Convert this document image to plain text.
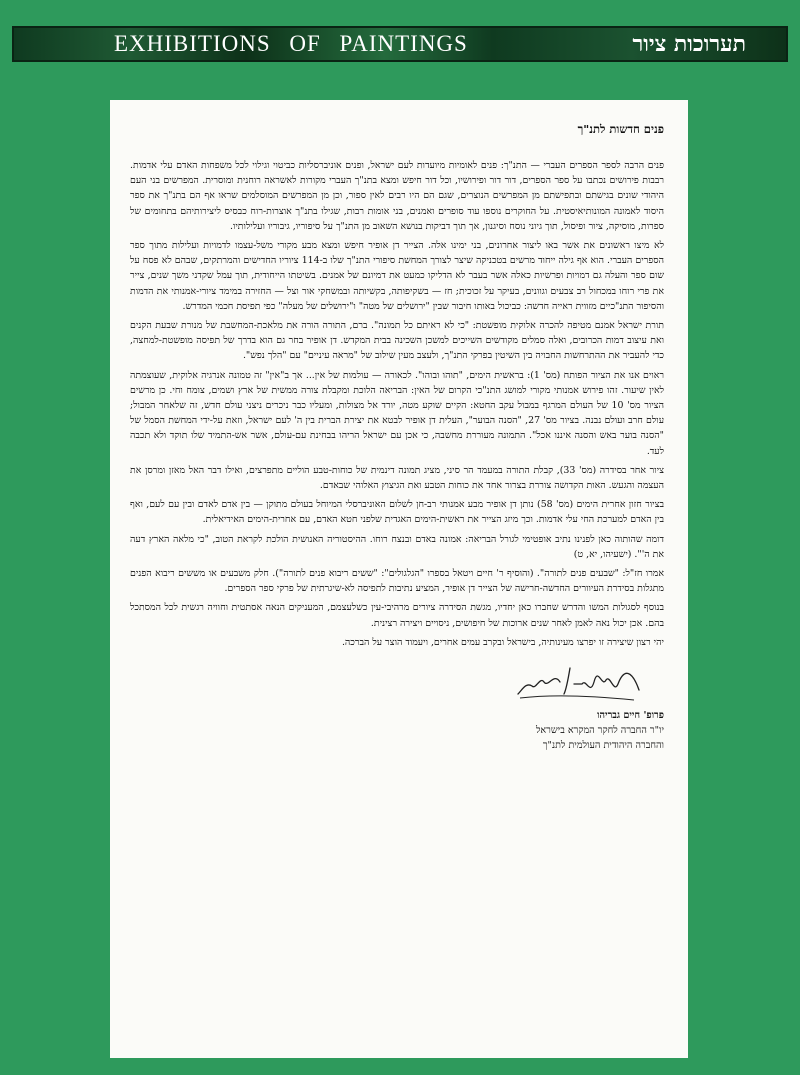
EXHIBITIONS OF PAINTINGS	תערוכות ציור
פנים חדשות לתנ"ך

פנים הרבה לספר הספרים העברי — התנ"ך: פנים לאומיות מיועדות לעם ישראל, ופנים אוניברסליות כביטוי וגילוי לכל משפחות האדם עלי אדמות. רבבות פירושים נכתבו על ספר הספרים, דור דור ופירושיו, וכל דור חיפש ומצא בתנ"ך העברי מקורות לאשראה רוחנית ומוסרית. המפרשים בני העם היהודי שונים בגישתם ובתפישתם מן המפרשים הנוצרים, שגם הם היו רבים לאין ספור, וכן מן המפרשים המוסלמים שראו אף הם בתנ"ך את ספר היסוד לאמונה המונותיאיסטית. על החוקרים נוספו עוד סופרים ואמנים, בני אומות רבות, שגילו בתנ"ך אוצרות-רוח כבסיס ליצירותיהם בתחומים של ספרות, מוסיקה, ציור ופיסול, תוך גיוני נוסח וסיגנון, אך תוך דביקות בנושא השאוב מן התנ"ך על סיפוריו, גיבוריו ועלילותיו.

לא מיצו ראשונים את אשר באו ליצור אחרונים, בני ימינו אלה. הצייר דן אופיר חיפש ומצא מבע מקורי משל-עצמו לדמויות ועלילות מתוך ספר הספרים העברי. הוא אף גילה ייחוד מרשים בטכניקה שיצר לצורך המחשת סיפורי התנ"ך שלו ב-114 ציוריו החדישים והמרתקים, שבהם לא פסח על שום ספר והעלה גם דמויות ופרשיות כאלה אשר בעבר לא הדליקו כמעט את דמיונם של אמנים. בשיטתו הייחודית, תוך עמל שקדני משך שנים, צייר את פרי רוחו במכחול רב צבעים וגוונים, בעיקר על זכוכית; חז — בשקיפותה, בקשיותה ובמשחקי אור וצל — החזירה במימד ציורי-אמנותי את הדמות והסיפור התנ"כיים מזווית ראייה חדשה: כביכול באותו חיבור שבין "ירושלים של מטה" ו"ירושלים של מעלה" כפי תפיסת חכמי המדרש.

תורת ישראל אמנם מטיפה להכרה אלוקית מופשטת: "כי לא ראיתם כל תמונה". ברם, התורה הורה את מלאכת-המחשבת של מנורת שבעת הקנים ואת עיצוב דמות הכרובים, ואלה סמלים מקודשים השייכים למשכן השכינה בבית המקדש. דן אופיר בחר גם הוא בדרך של תפיסה מופשטת-למחצה, כדי להעביר את ההתרחשות החבויה בין השיטין בפרקי התנ"ך, ולעצב מעין שילוב של "מראה עיניים" עם "הלך נפש".

ראוים אנו את הציור הפותח (מס' 1): בראשית הימים, "תוהו ובוהו". לכאורה — עולמות של אין... אך ב"אין" זה טמונה אנרגיה אלוקית, שעוצמתה לאין שיעור. זהו פירוש אמנותי מקורי למושג התנ"כי הקרום של האין: הבריאה הלוכת ומקבלת צורה ממשית של ארץ ושמים, צומח וחי. כן מרשים הציור מס' 10 של העולם המרגף במבול עקב החטא: הקיים שוקע מטה, יורד אל מצולות, ומעליו כבר ניכרים ניצני עולם חדש, זה שלאחר המבול; עולם חרב ועולם נבנה. בציור מס' 27, "הסנה הבוער", העלית דן אופיר לבטא את יצירת הברית בין ה' לעם ישראל, וזאת על-ידי המחשת הסמל של "הסנה בוער באש והסנה איננו אכל". התמונה מעוררת מחשבה, כי אכן עם ישראל הריהו בבחינת עם-עולם, אשר אש-התמיד שלו תוקד ולא תכבה לעד.

ציור אחר בסידרה (מס' 33), קבלת התורה במעמד הר סיני, מציג תמונה דינמית של כוחות-טבע הוליים מתפרצים, ואילו דבר האל מאזן ומרסן את העצמה והגעש. האות הקדושה צוררת בצרור אחד את כוחות הטבע ואת הגיצוץ האלוהי שבאדם.

בציור חזון אחרית הימים (מס' 58) נותן דן אופיר מבע אמנותי רב-חן לשלום האוניברסלי המיוחל בעולם מתוקן — בין אדם לאדם ובין עם לעם, ואף בין האדם למערכת החי עלי אדמות. וכך מיזג הצייר את ראשית-הימים האגדית שלפני חטא האדם, עם אחרית-הימים האידיאלית.

דומה שהותוה כאן לפנינו נתיב אופטימי לגורל הבריאה: אמונה באדם ובנצח רוחו. ההיסטוריה האנושית הולכת לקראת הטוב, "כי מלאה הארץ דעה את ה'". (ישעיהו, יא, ט)

אמרו חז"ל: "שבעים פנים לתורה". (והוסיף ר' חיים ויטאל בספרו "הגלגולים": "ששים ריבוא פנים לתורה"). חלק משבעים או מששים ריבוא הפנים מתגלות בסידרת העיוורים החדשה-חרישה של הצייר דן אופיר, המציע נתיבות לתפיסה לא-שיגרתית של פרקי ספר הספרים.

בנוסף לסגולות המשו והדרש שחברו כאן יחדיו, מגשת הסידרה ציורים מרהיבי-עין כשלעצמם, המעניקים הנאה אסתטית וחוויה רגשית לכל המסתכל בהם. אכן יכול נאה לאמן לאחר שנים ארוכות של חיפושים, ניסויים ויצירה רצינית.

יהי רצון שיצירה זו יפרצו מעינותיה, בישראל ובקרב עמים אחרים, ויעמוד הוצר על הברכה.

פרופ' חיים גבריהו
יו"ר החברה לחקר המקרא בישראל
והחברה היהודית העולמית לתנ"ך
